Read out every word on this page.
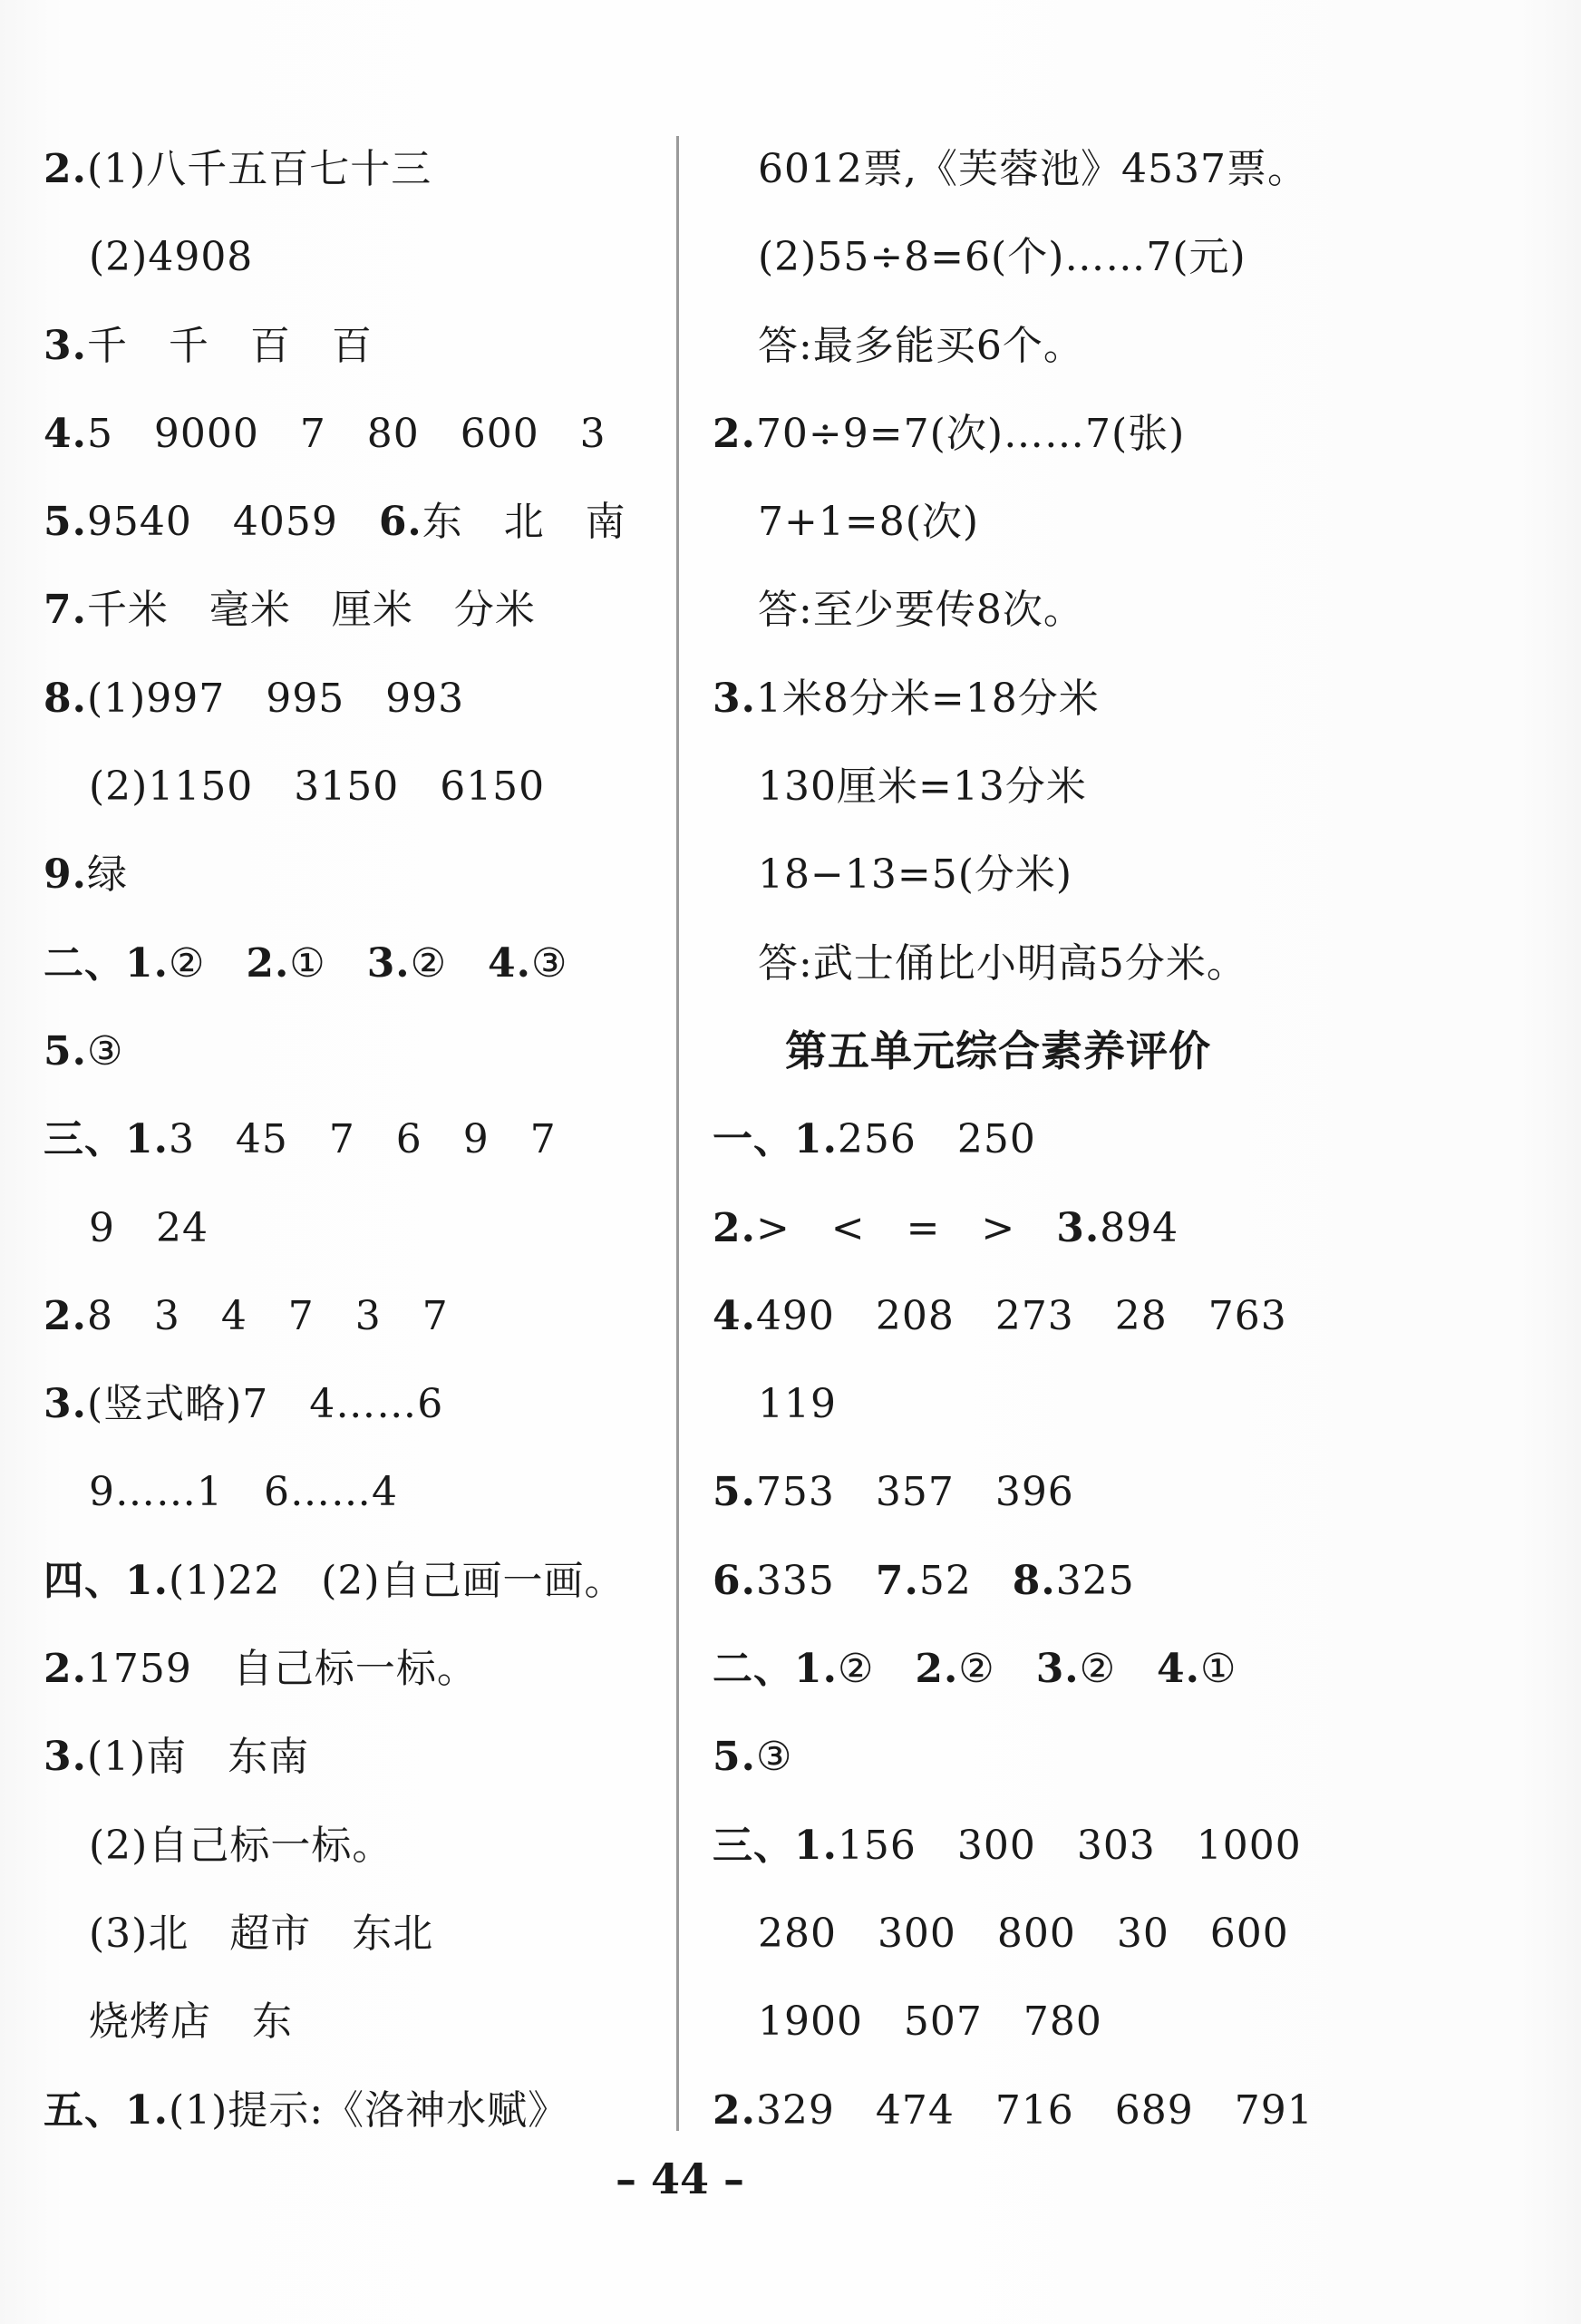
2.(1)八千五百七十三
(2)4908
3.千   千   百   百
4.5   9000   7   80   600   3
5.9540   4059   6.东   北   南
7.千米   毫米   厘米   分米
8.(1)997   995   993
(2)1150   3150   6150
9.绿
二、1.②   2.①   3.②   4.③
5.③
三、1.3   45   7   6   9   7
9   24
2.8   3   4   7   3   7
3.(竖式略)7   4……6
9……1   6……4
四、1.(1)22   (2)自己画一画。
2.1759   自己标一标。
3.(1)南   东南
(2)自己标一标。
(3)北   超市   东北
烧烤店   东
五、1.(1)提示:《洛神水赋》
6012票,《芙蓉池》4537票。
(2)55÷8=6(个)……7(元)
答:最多能买6个。
2.70÷9=7(次)……7(张)
7+1=8(次)
答:至少要传8次。
3.1米8分米=18分米
130厘米=13分米
18−13=5(分米)
答:武士俑比小明高5分米。
第五单元综合素养评价
一、1.256   250
2.>   <   =   >   3.894
4.490   208   273   28   763
119
5.753   357   396
6.335   7.52   8.325
二、1.②   2.②   3.②   4.①
5.③
三、1.156   300   303   1000
280   300   800   30   600
1900   507   780
2.329   474   716   689   791
– 44 –
